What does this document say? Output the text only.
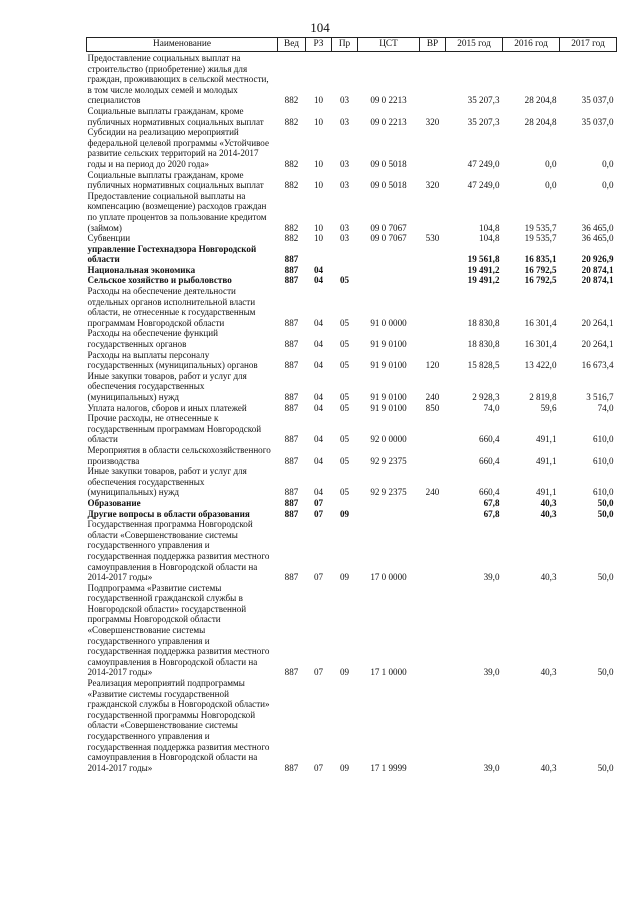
104
Наименование	Вед	РЗ	Пр	ЦСТ	ВР	2015 год	2016 год	2017 год
Предоставление социальных выплат на строительство (приобретение) жилья для граждан, проживающих в сельской местности, в том числе молодых семей и молодых специалистов	882	10	03	09 0 2213		35 207,3	28 204,8	35 037,0
Социальные выплаты гражданам, кроме публичных нормативных социальных выплат	882	10	03	09 0 2213	320	35 207,3	28 204,8	35 037,0
Субсидии на реализацию мероприятий федеральной целевой программы «Устойчивое развитие сельских территорий на 2014-2017 годы и на период до 2020 года»	882	10	03	09 0 5018		47 249,0	0,0	0,0
Социальные выплаты гражданам, кроме публичных нормативных социальных выплат	882	10	03	09 0 5018	320	47 249,0	0,0	0,0
Предоставление социальной выплаты на компенсацию (возмещение) расходов граждан по уплате процентов за пользование кредитом (займом)	882	10	03	09 0 7067		104,8	19 535,7	36 465,0
Субвенции	882	10	03	09 0 7067	530	104,8	19 535,7	36 465,0
управление Гостехнадзора Новгородской области	887					19 561,8	16 835,1	20 926,9
Национальная экономика	887	04				19 491,2	16 792,5	20 874,1
Сельское хозяйство и рыболовство	887	04	05			19 491,2	16 792,5	20 874,1
Расходы на обеспечение деятельности отдельных органов исполнительной власти области, не отнесенные к государственным программам Новгородской области	887	04	05	91 0 0000		18 830,8	16 301,4	20 264,1
Расходы на обеспечение функций государственных органов	887	04	05	91 9 0100		18 830,8	16 301,4	20 264,1
Расходы на выплаты персоналу государственных (муниципальных) органов	887	04	05	91 9 0100	120	15 828,5	13 422,0	16 673,4
Иные закупки товаров, работ и услуг для обеспечения государственных (муниципальных) нужд	887	04	05	91 9 0100	240	2 928,3	2 819,8	3 516,7
Уплата налогов, сборов и иных платежей	887	04	05	91 9 0100	850	74,0	59,6	74,0
Прочие расходы, не отнесенные к государственным программам Новгородской области	887	04	05	92 0 0000		660,4	491,1	610,0
Мероприятия в области сельскохозяйственного производства	887	04	05	92 9 2375		660,4	491,1	610,0
Иные закупки товаров, работ и услуг для обеспечения государственных (муниципальных) нужд	887	04	05	92 9 2375	240	660,4	491,1	610,0
Образование	887	07				67,8	40,3	50,0
Другие вопросы в области образования	887	07	09			67,8	40,3	50,0
Государственная программа Новгородской области «Совершенствование системы государственного управления и государственная поддержка развития местного самоуправления в Новгородской области на 2014-2017 годы»	887	07	09	17 0 0000		39,0	40,3	50,0
Подпрограмма «Развитие системы государственной гражданской службы в Новгородской области» государственной программы Новгородской области «Совершенствование системы государственного управления и государственная поддержка развития местного самоуправления в Новгородской области на 2014-2017 годы»	887	07	09	17 1 0000		39,0	40,3	50,0
Реализация мероприятий подпрограммы «Развитие системы государственной гражданской службы в Новгородской области» государственной программы Новгородской области «Совершенствование системы государственного управления и государственная поддержка развития местного самоуправления в Новгородской области на 2014-2017 годы»	887	07	09	17 1 9999		39,0	40,3	50,0
